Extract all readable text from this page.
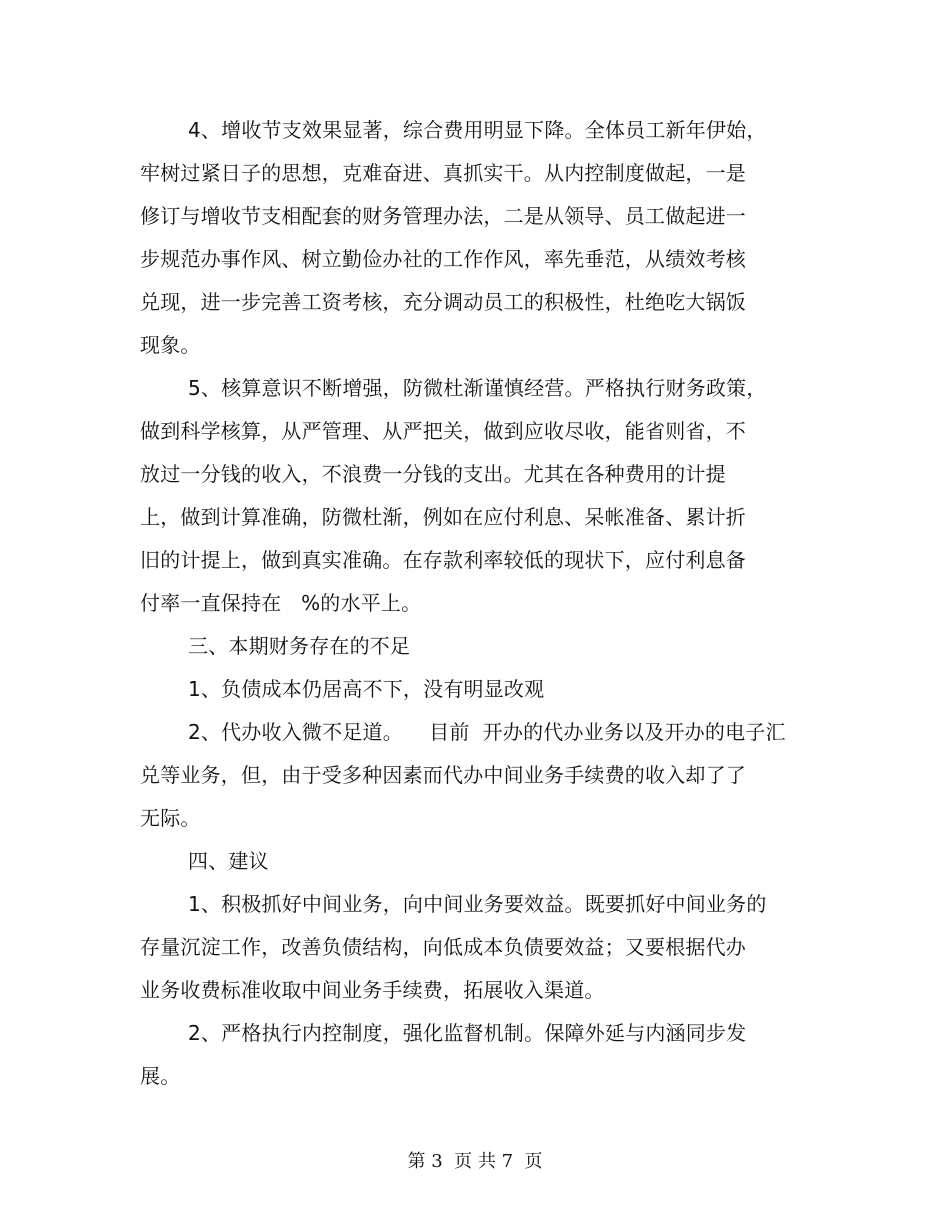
4、增收节支效果显著，综合费用明显下降。全体员工新年伊始，
牢树过紧日子的思想，克难奋进、真抓实干。从内控制度做起，一是
修订与增收节支相配套的财务管理办法，二是从领导、员工做起进一
步规范办事作风、树立勤俭办社的工作作风，率先垂范，从绩效考核
兑现，进一步完善工资考核，充分调动员工的积极性，杜绝吃大锅饭
现象。
5、核算意识不断增强，防微杜渐谨慎经营。严格执行财务政策，
做到科学核算，从严管理、从严把关，做到应收尽收，能省则省，不
放过一分钱的收入，不浪费一分钱的支出。尤其在各种费用的计提
上，做到计算准确，防微杜渐，例如在应付利息、呆帐准备、累计折
旧的计提上，做到真实准确。在存款利率较低的现状下，应付利息备
付率一直保持在   %的水平上。
三、本期财务存在的不足
1、负债成本仍居高不下，没有明显改观
2、代办收入微不足道。    目前  开办的代办业务以及开办的电子汇
兑等业务，但，由于受多种因素而代办中间业务手续费的收入却了了
无际。
四、建议
1、积极抓好中间业务，向中间业务要效益。既要抓好中间业务的
存量沉淀工作，改善负债结构，向低成本负债要效益；又要根据代办
业务收费标准收取中间业务手续费，拓展收入渠道。
2、严格执行内控制度，强化监督机制。保障外延与内涵同步发
展。
第 3  页 共 7  页
